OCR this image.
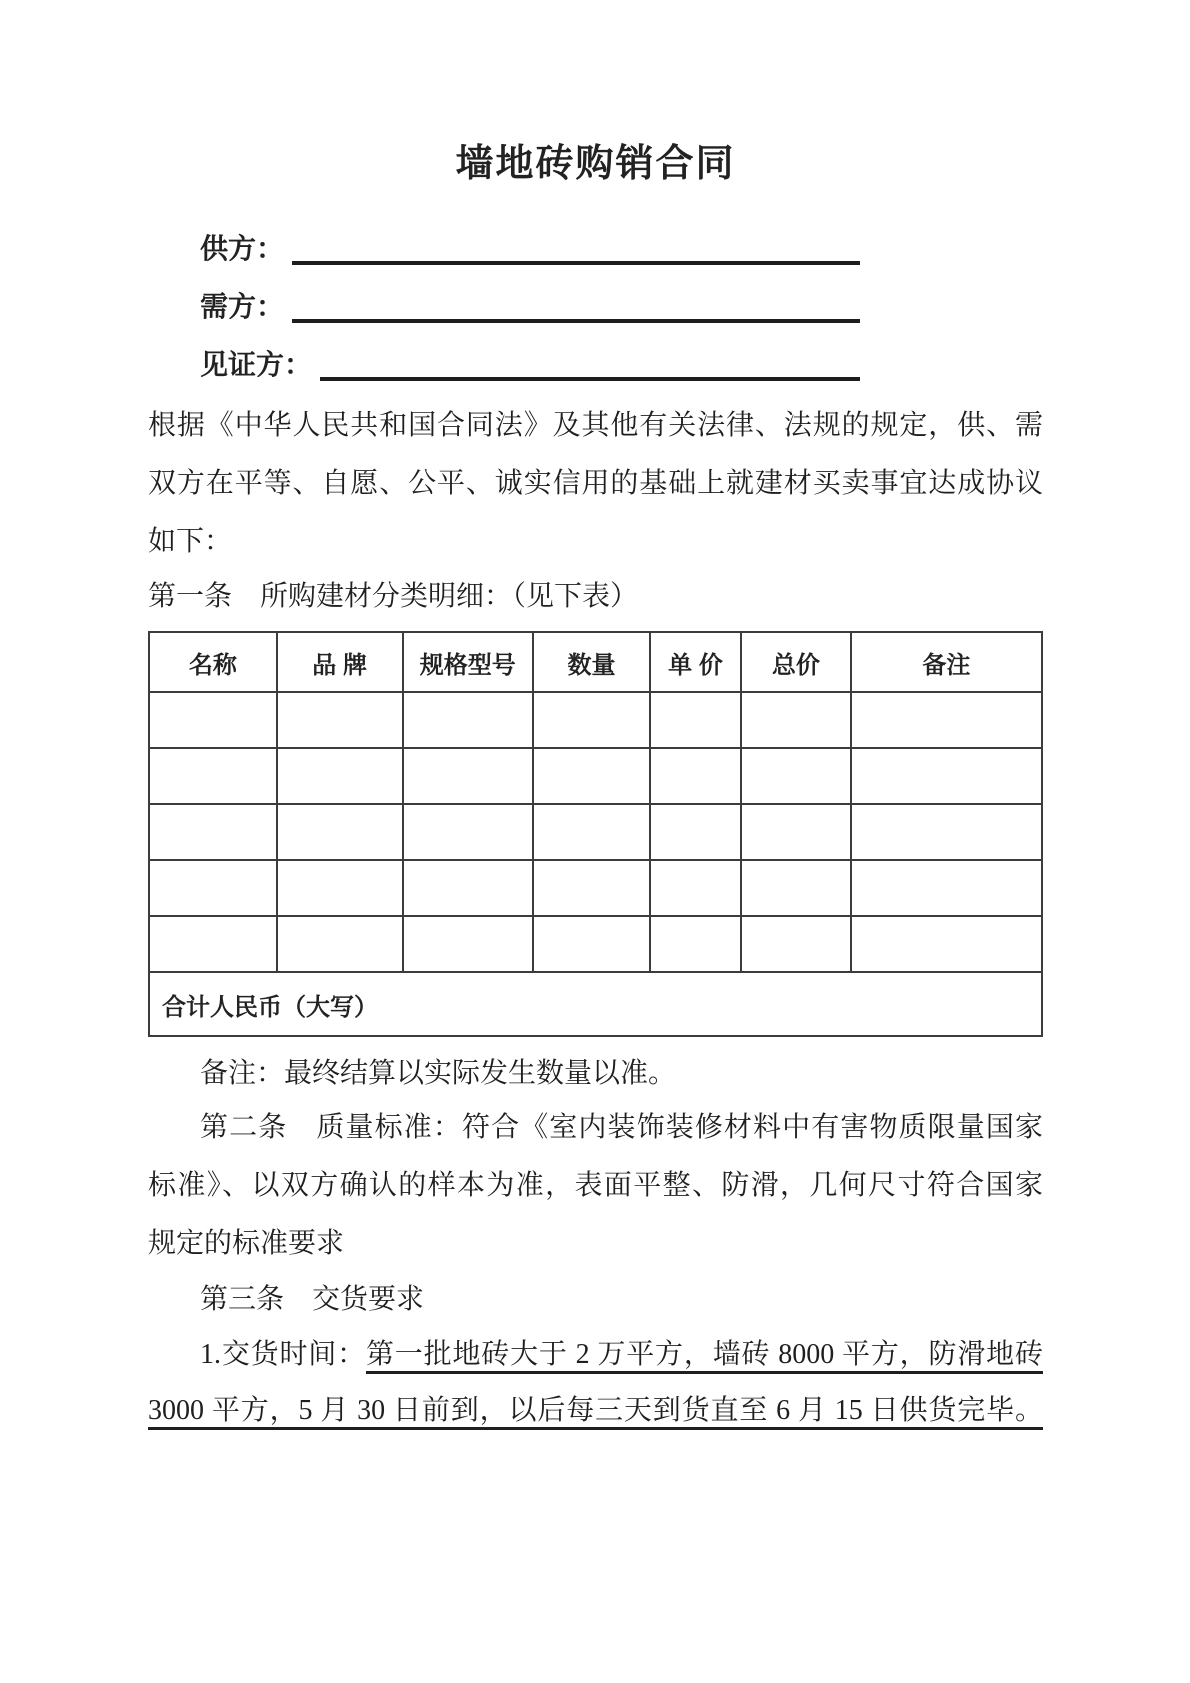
墙地砖购销合同
供方：
需方：
见证方：

根据《中华人民共和国合同法》及其他有关法律、法规的规定，供、需

双方在平等、自愿、公平、诚实信用的基础上就建材买卖事宜达成协议

如下：

第一条　所购建材分类明细：（见下表）

名称	品 牌	规格型号	数量	单 价	总价	备注

合计人民币（大写）						

备注：最终结算以实际发生数量以准。

第二条　质量标准：符合《室内装饰装修材料中有害物质限量国家

标准》、以双方确认的样本为准，表面平整、防滑，几何尺寸符合国家

规定的标准要求

第三条　交货要求

1.交货时间：第一批地砖大于 2 万平方，墙砖 8000 平方，防滑地砖

3000 平方，5 月 30 日前到，以后每三天到货直至 6 月 15 日供货完毕。
